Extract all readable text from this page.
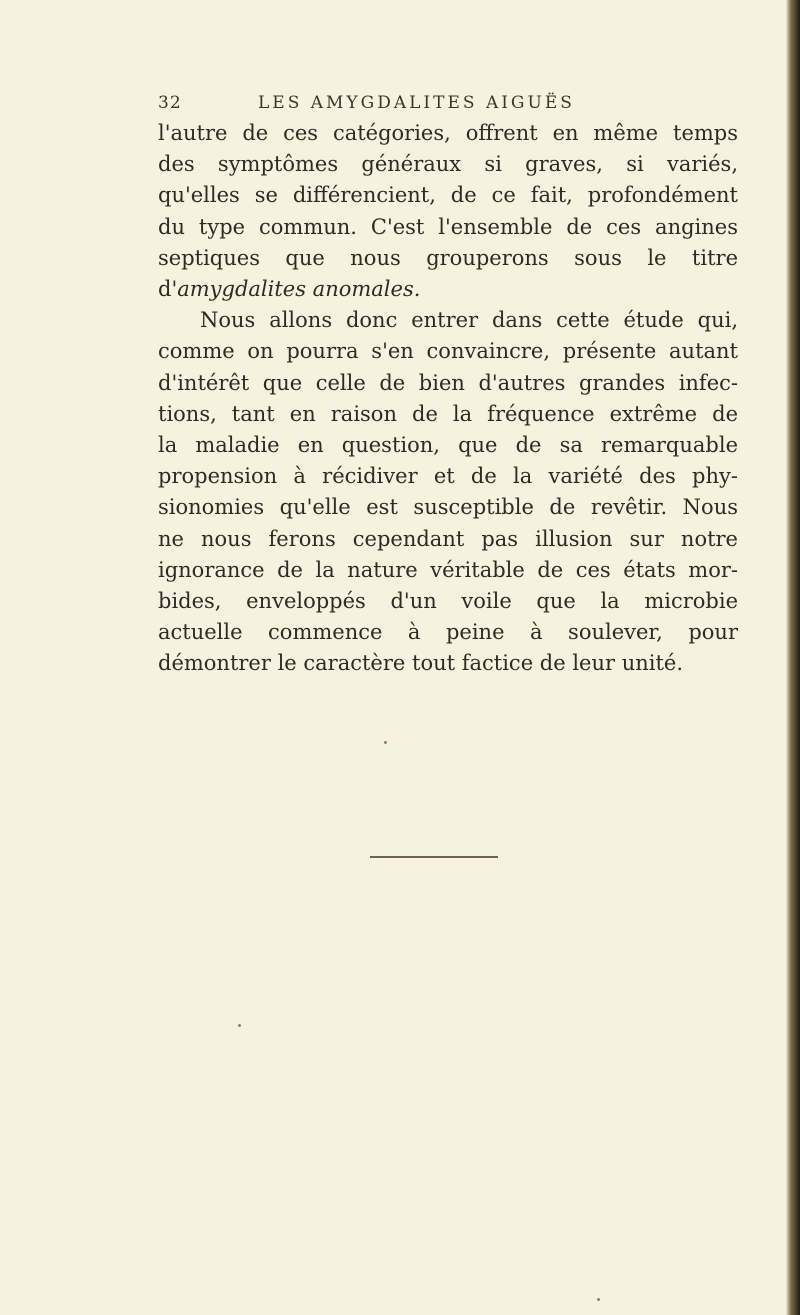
32	LES AMYGDALITES AIGUËS
l'autre de ces catégories, offrent en même temps
des symptômes généraux si graves, si variés,
qu'elles se différencient, de ce fait, profondément
du type commun. C'est l'ensemble de ces angines
septiques que nous grouperons sous le titre
d'amygdalites anomales.
Nous allons donc entrer dans cette étude qui,
comme on pourra s'en convaincre, présente autant
d'intérêt que celle de bien d'autres grandes infec-
tions, tant en raison de la fréquence extrême de
la maladie en question, que de sa remarquable
propension à récidiver et de la variété des phy-
sionomies qu'elle est susceptible de revêtir. Nous
ne nous ferons cependant pas illusion sur notre
ignorance de la nature véritable de ces états mor-
bides, enveloppés d'un voile que la microbie
actuelle commence à peine à soulever, pour
démontrer le caractère tout factice de leur unité.
